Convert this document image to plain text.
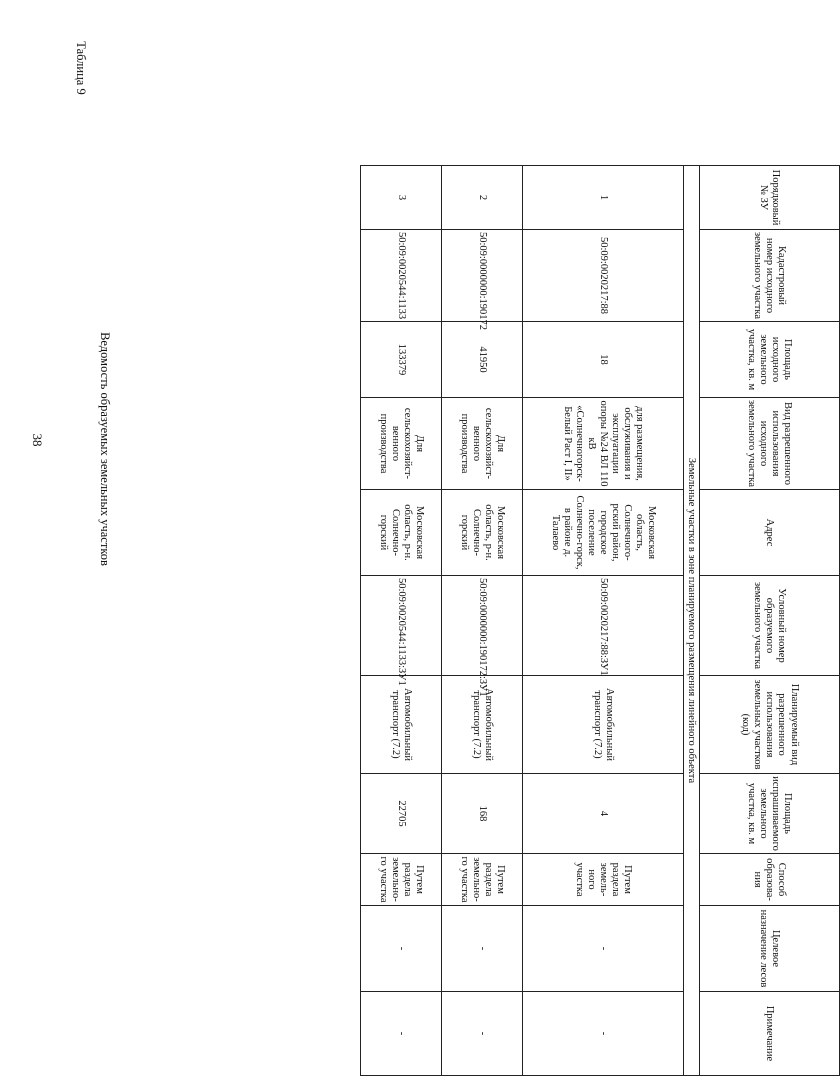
38	Ведомость образуемых земельных участков
Таблица 9
Порядковый № ЗУ	Кадастровый номер исходного земельного участка	Площадь исходного земельного участка, кв. м	Вид разрешенного использования исходного земельного участка	Адрес	Условный номер образуемого земельного участка	Планируемый вид разрешенного использования земельных участков (код)	Площадь испрашиваемого земельного участка, кв. м	Способ образова-ния	Целевое назначение лесов	Примечание
Земельные участки в зоне планируемого размещения линейного объекта										
1	50:09:0020217:88	18	для размещения, обслуживания и эксплуатации опоры №24 ВЛ 110 кВ «Солнечногорск-Белый Раст I, II»	Московская область, Солнечного-рский район, городское поселение Солнечно-горск, в районе д. Талаево	50:09:0020217:88:ЗУ1	Автомобильный транспорт (7.2)	4	Путем раздела земель-ного участка	-	-
2	50:09:0000000:190172	41950	Для сельскохозяйст-венного производства	Московская область, р-н. Солнечно-горский	50:09:0000000:190172:ЗУ1	Автомобильный транспорт (7.2)	168	Путем раздела земельно-го участка	-	-
3	50:09:0020544:1133	133379	Для сельскохозяйст-венного производства	Московская область, р-н. Солнечно-горский	50:09:0020544:1133:ЗУ1	Автомобильный транспорт (7.2)	22705	Путем раздела земельно-го участка	-	-
